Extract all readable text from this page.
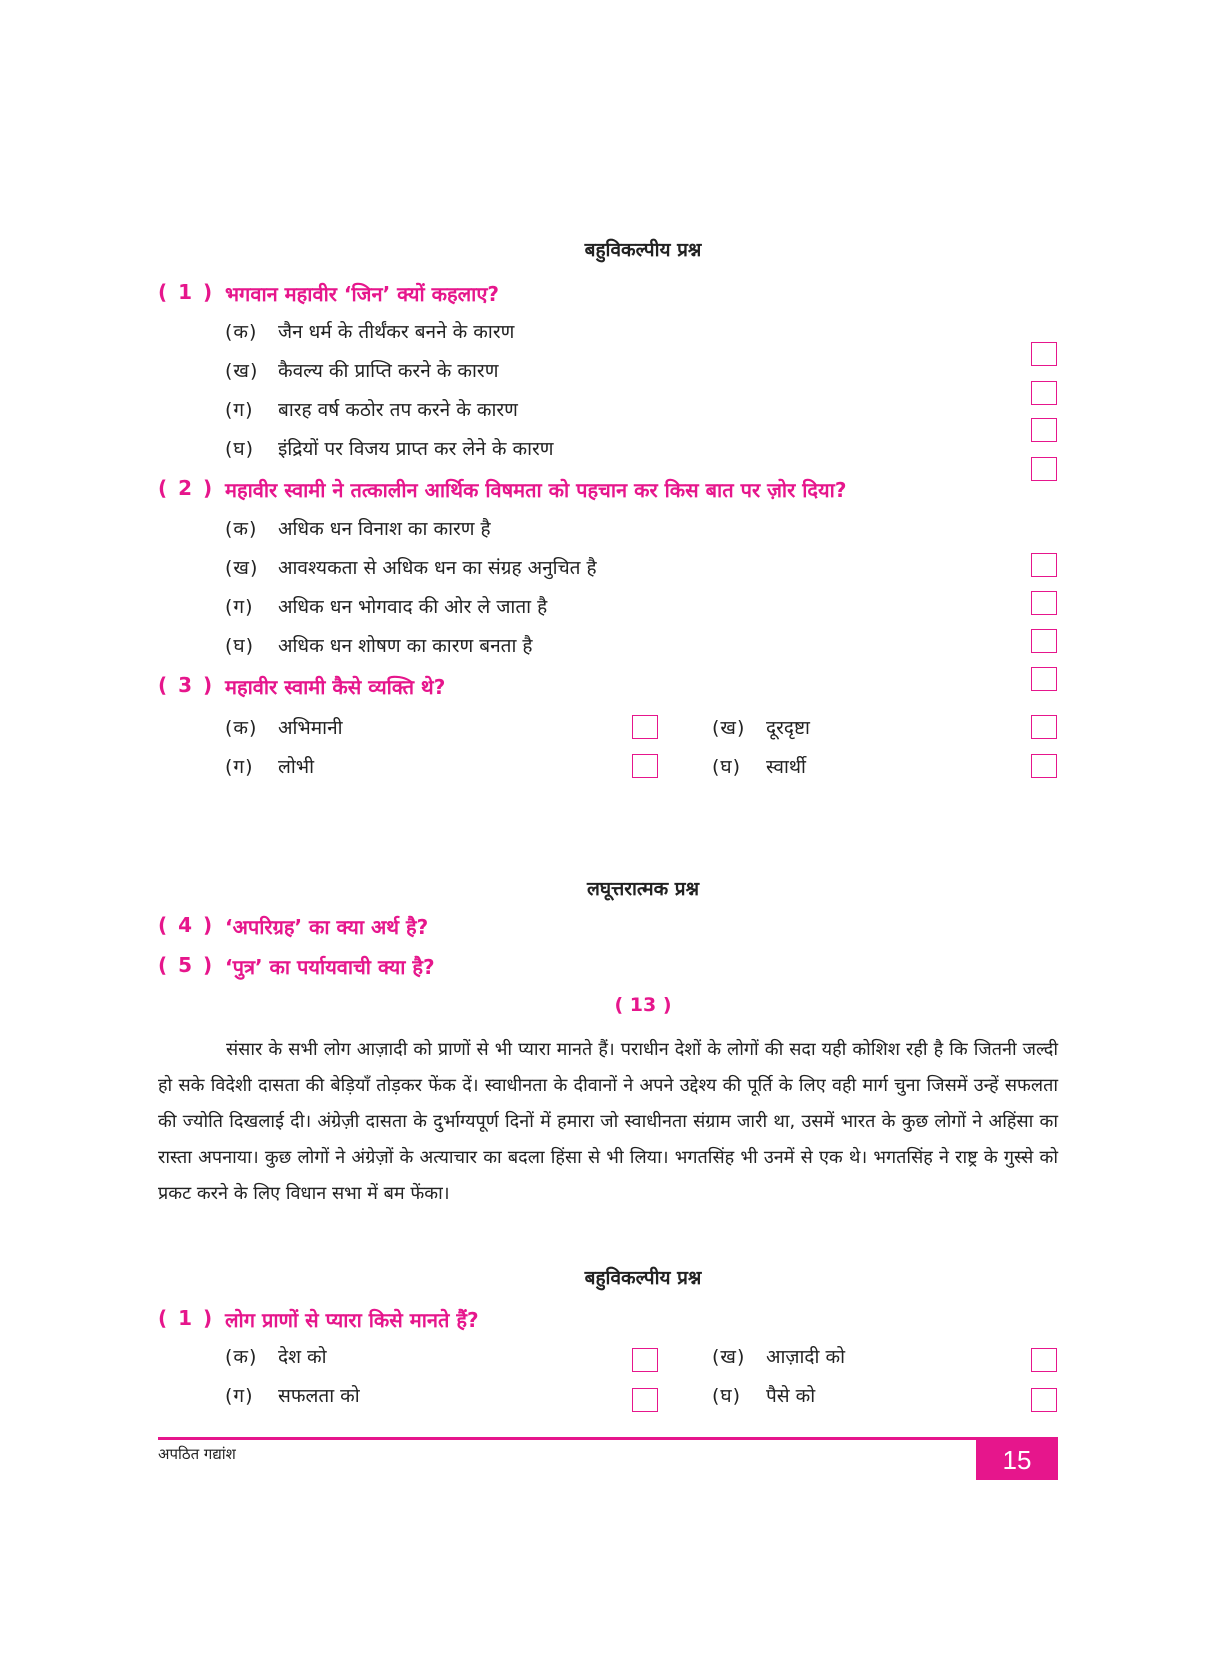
बहुविकल्पीय प्रश्न
( 1 ) भगवान महावीर ‘जिन’ क्यों कहलाए?
(क) जैन धर्म के तीर्थंकर बनने के कारण
(ख) कैवल्य की प्राप्ति करने के कारण
(ग) बारह वर्ष कठोर तप करने के कारण
(घ) इंद्रियों पर विजय प्राप्त कर लेने के कारण
( 2 ) महावीर स्वामी ने तत्कालीन आर्थिक विषमता को पहचान कर किस बात पर ज़ोर दिया?
(क) अधिक धन विनाश का कारण है
(ख) आवश्यकता से अधिक धन का संग्रह अनुचित है
(ग) अधिक धन भोगवाद की ओर ले जाता है
(घ) अधिक धन शोषण का कारण बनता है
( 3 ) महावीर स्वामी कैसे व्यक्ति थे?
(क) अभिमानी	(ख) दूरदृष्टा
(ग) लोभी	(घ) स्वार्थी
लघूत्तरात्मक प्रश्न
( 4 ) ‘अपरिग्रह’ का क्या अर्थ है?
( 5 ) ‘पुत्र’ का पर्यायवाची क्या है?
( 13 )
संसार के सभी लोग आज़ादी को प्राणों से भी प्यारा मानते हैं। पराधीन देशों के लोगों की सदा यही कोशिश रही है कि जितनी जल्दी हो सके विदेशी दासता की बेड़ियाँ तोड़कर फेंक दें। स्वाधीनता के दीवानों ने अपने उद्देश्य की पूर्ति के लिए वही मार्ग चुना जिसमें उन्हें सफलता की ज्योति दिखलाई दी। अंग्रेज़ी दासता के दुर्भाग्यपूर्ण दिनों में हमारा जो स्वाधीनता संग्राम जारी था, उसमें भारत के कुछ लोगों ने अहिंसा का रास्ता अपनाया। कुछ लोगों ने अंग्रेज़ों के अत्याचार का बदला हिंसा से भी लिया। भगतसिंह भी उनमें से एक थे। भगतसिंह ने राष्ट्र के गुस्से को प्रकट करने के लिए विधान सभा में बम फेंका।
बहुविकल्पीय प्रश्न
( 1 ) लोग प्राणों से प्यारा किसे मानते हैं?
(क) देश को	(ख) आज़ादी को
(ग) सफलता को	(घ) पैसे को
अपठित गद्यांश	15
